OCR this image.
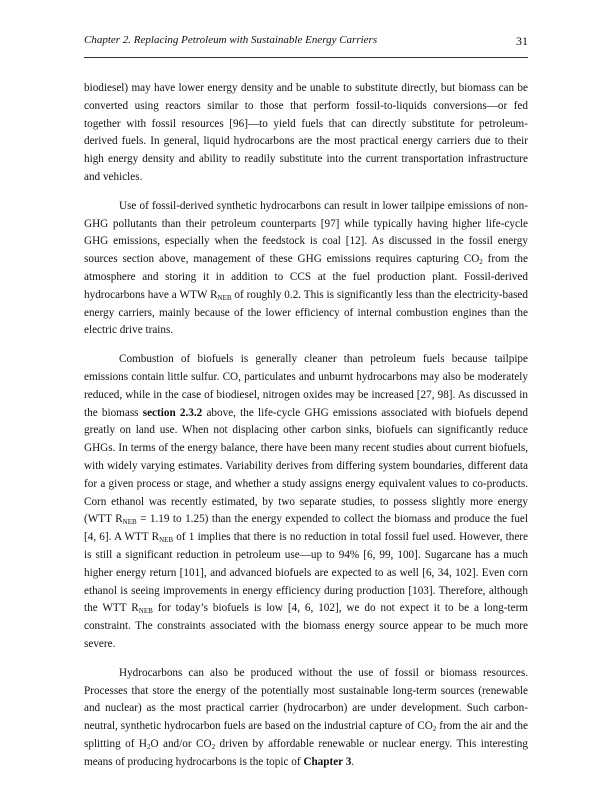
Chapter 2. Replacing Petroleum with Sustainable Energy Carriers	31

biodiesel) may have lower energy density and be unable to substitute directly, but biomass can be converted using reactors similar to those that perform fossil-to-liquids conversions—or fed together with fossil resources [96]—to yield fuels that can directly substitute for petroleum-derived fuels. In general, liquid hydrocarbons are the most practical energy carriers due to their high energy density and ability to readily substitute into the current transportation infrastructure and vehicles.

Use of fossil-derived synthetic hydrocarbons can result in lower tailpipe emissions of non-GHG pollutants than their petroleum counterparts [97] while typically having higher life-cycle GHG emissions, especially when the feedstock is coal [12]. As discussed in the fossil energy sources section above, management of these GHG emissions requires capturing $CO_2$ from the atmosphere and storing it in addition to CCS at the fuel production plant. Fossil-derived hydrocarbons have a WTW $R_{NEB}$ of roughly 0.2. This is significantly less than the electricity-based energy carriers, mainly because of the lower efficiency of internal combustion engines than the electric drive trains.

Combustion of biofuels is generally cleaner than petroleum fuels because tailpipe emissions contain little sulfur. CO, particulates and unburnt hydrocarbons may also be moderately reduced, while in the case of biodiesel, nitrogen oxides may be increased [27, 98]. As discussed in the biomass section 2.3.2 above, the life-cycle GHG emissions associated with biofuels depend greatly on land use. When not displacing other carbon sinks, biofuels can significantly reduce GHGs. In terms of the energy balance, there have been many recent studies about current biofuels, with widely varying estimates. Variability derives from differing system boundaries, different data for a given process or stage, and whether a study assigns energy equivalent values to co-products. Corn ethanol was recently estimated, by two separate studies, to possess slightly more energy (WTT $R_{NEB} = 1.19$ to 1.25) than the energy expended to collect the biomass and produce the fuel [4, 6]. A WTT $R_{NEB}$ of 1 implies that there is no reduction in total fossil fuel used. However, there is still a significant reduction in petroleum use—up to 94% [6, 99, 100]. Sugarcane has a much higher energy return [101], and advanced biofuels are expected to as well [6, 34, 102]. Even corn ethanol is seeing improvements in energy efficiency during production [103]. Therefore, although the WTT $R_{NEB}$ for today’s biofuels is low [4, 6, 102], we do not expect it to be a long-term constraint. The constraints associated with the biomass energy source appear to be much more severe.

Hydrocarbons can also be produced without the use of fossil or biomass resources. Processes that store the energy of the potentially most sustainable long-term sources (renewable and nuclear) as the most practical carrier (hydrocarbon) are under development. Such carbon-neutral, synthetic hydrocarbon fuels are based on the industrial capture of $CO_2$ from the air and the splitting of $H_2O$ and/or $CO_2$ driven by affordable renewable or nuclear energy. This interesting means of producing hydrocarbons is the topic of Chapter 3.
